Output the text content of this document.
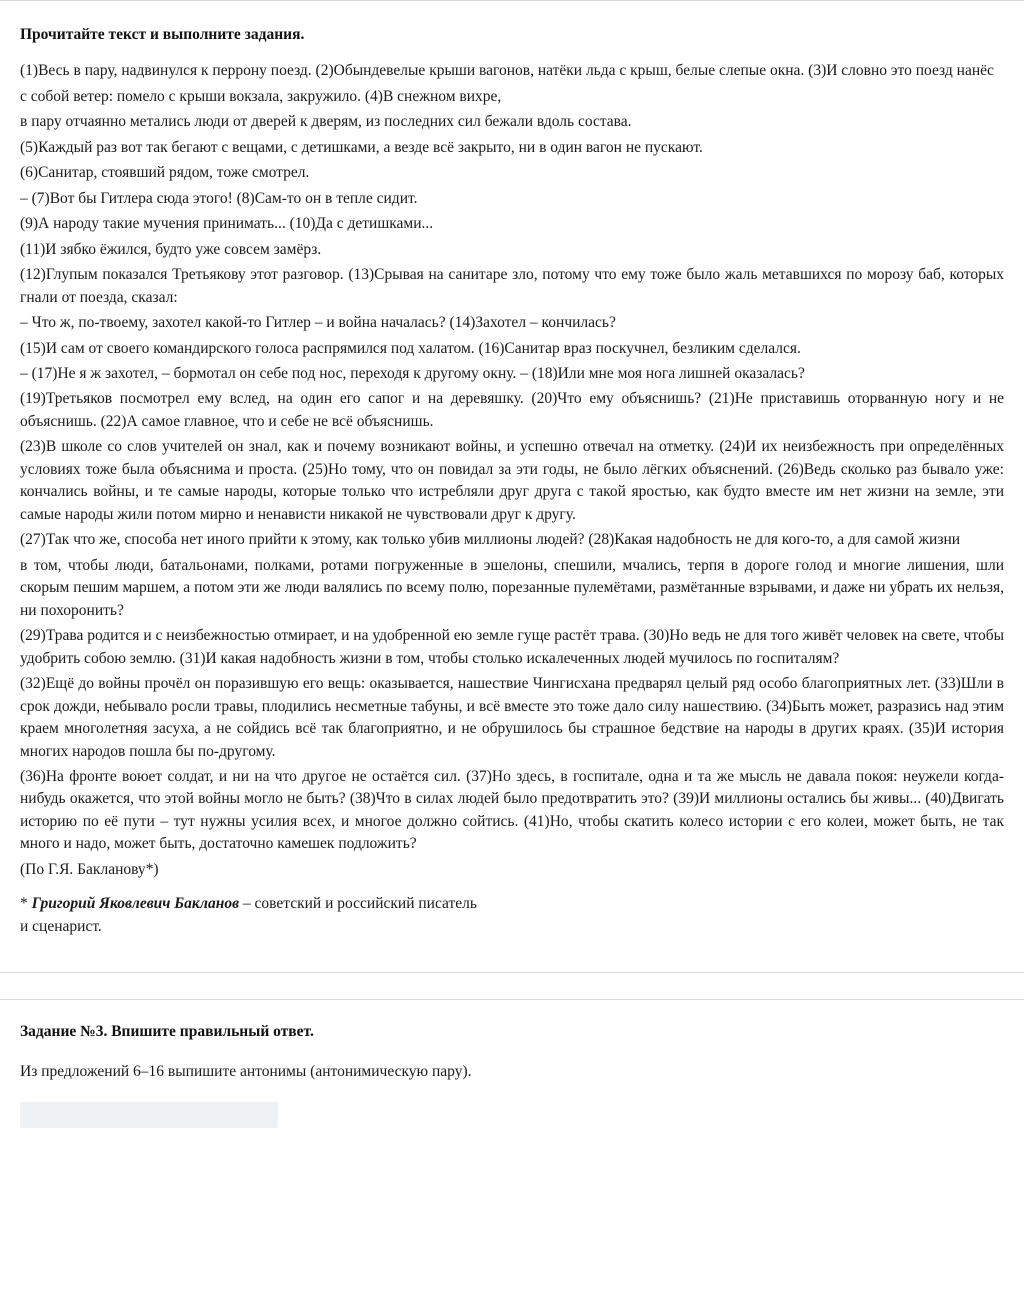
Прочитайте текст и выполните задания.

(1)Весь в пару, надвинулся к перрону поезд. (2)Обындевелые крыши вагонов, натёки льда с крыш, белые слепые окна. (3)И словно это поезд нанёс

с собой ветер: помело с крыши вокзала, закружило. (4)В снежном вихре,

в пару отчаянно метались люди от дверей к дверям, из последних сил бежали вдоль состава.

(5)Каждый раз вот так бегают с вещами, с детишками, а везде всё закрыто, ни в один вагон не пускают.

(6)Санитар, стоявший рядом, тоже смотрел.

– (7)Вот бы Гитлера сюда этого! (8)Сам-то он в тепле сидит.

(9)А народу такие мучения принимать... (10)Да с детишками...

(11)И зябко ёжился, будто уже совсем замёрз.

(12)Глупым показался Третьякову этот разговор. (13)Срывая на санитаре зло, потому что ему тоже было жаль метавшихся по морозу баб, которых гнали от поезда, сказал:

– Что ж, по-твоему, захотел какой-то Гитлер – и война началась? (14)Захотел – кончилась?

(15)И сам от своего командирского голоса распрямился под халатом. (16)Санитар враз поскучнел, безликим сделался.

– (17)Не я ж захотел, – бормотал он себе под нос, переходя к другому окну. – (18)Или мне моя нога лишней оказалась?

(19)Третьяков посмотрел ему вслед, на один его сапог и на деревяшку. (20)Что ему объяснишь? (21)Не приставишь оторванную ногу и не объяснишь. (22)А самое главное, что и себе не всё объяснишь.

(23)В школе со слов учителей он знал, как и почему возникают войны, и успешно отвечал на отметку. (24)И их неизбежность при определённых условиях тоже была объяснима и проста. (25)Но тому, что он повидал за эти годы, не было лёгких объяснений. (26)Ведь сколько раз бывало уже: кончались войны, и те самые народы, которые только что истребляли друг друга с такой яростью, как будто вместе им нет жизни на земле, эти самые народы жили потом мирно и ненависти никакой не чувствовали друг к другу.

(27)Так что же, способа нет иного прийти к этому, как только убив миллионы людей? (28)Какая надобность не для кого-то, а для самой жизни

в том, чтобы люди, батальонами, полками, ротами погруженные в эшелоны, спешили, мчались, терпя в дороге голод и многие лишения, шли скорым пешим маршем, а потом эти же люди валялись по всему полю, порезанные пулемётами, размётанные взрывами, и даже ни убрать их нельзя, ни похоронить?

(29)Трава родится и с неизбежностью отмирает, и на удобренной ею земле гуще растёт трава. (30)Но ведь не для того живёт человек на свете, чтобы удобрить собою землю. (31)И какая надобность жизни в том, чтобы столько искалеченных людей мучилось по госпиталям?

(32)Ещё до войны прочёл он поразившую его вещь: оказывается, нашествие Чингисхана предварял целый ряд особо благоприятных лет. (33)Шли в срок дожди, небывало росли травы, плодились несметные табуны, и всё вместе это тоже дало силу нашествию. (34)Быть может, разразись над этим краем многолетняя засуха, а не сойдись всё так благоприятно, и не обрушилось бы страшное бедствие на народы в других краях. (35)И история многих народов пошла бы по-другому.

(36)На фронте воюет солдат, и ни на что другое не остаётся сил. (37)Но здесь, в госпитале, одна и та же мысль не давала покоя: неужели когда-нибудь окажется, что этой войны могло не быть? (38)Что в силах людей было предотвратить это? (39)И миллионы остались бы живы... (40)Двигать историю по её пути – тут нужны усилия всех, и многое должно сойтись. (41)Но, чтобы скатить колесо истории с его колеи, может быть, не так много и надо, может быть, достаточно камешек подложить?

(По Г.Я. Бакланову*)

* Григорий Яковлевич Бакланов – советский и российский писатель

и сценарист.

Задание №3. Впишите правильный ответ.

Из предложений 6–16 выпишите антонимы (антонимическую пару).
